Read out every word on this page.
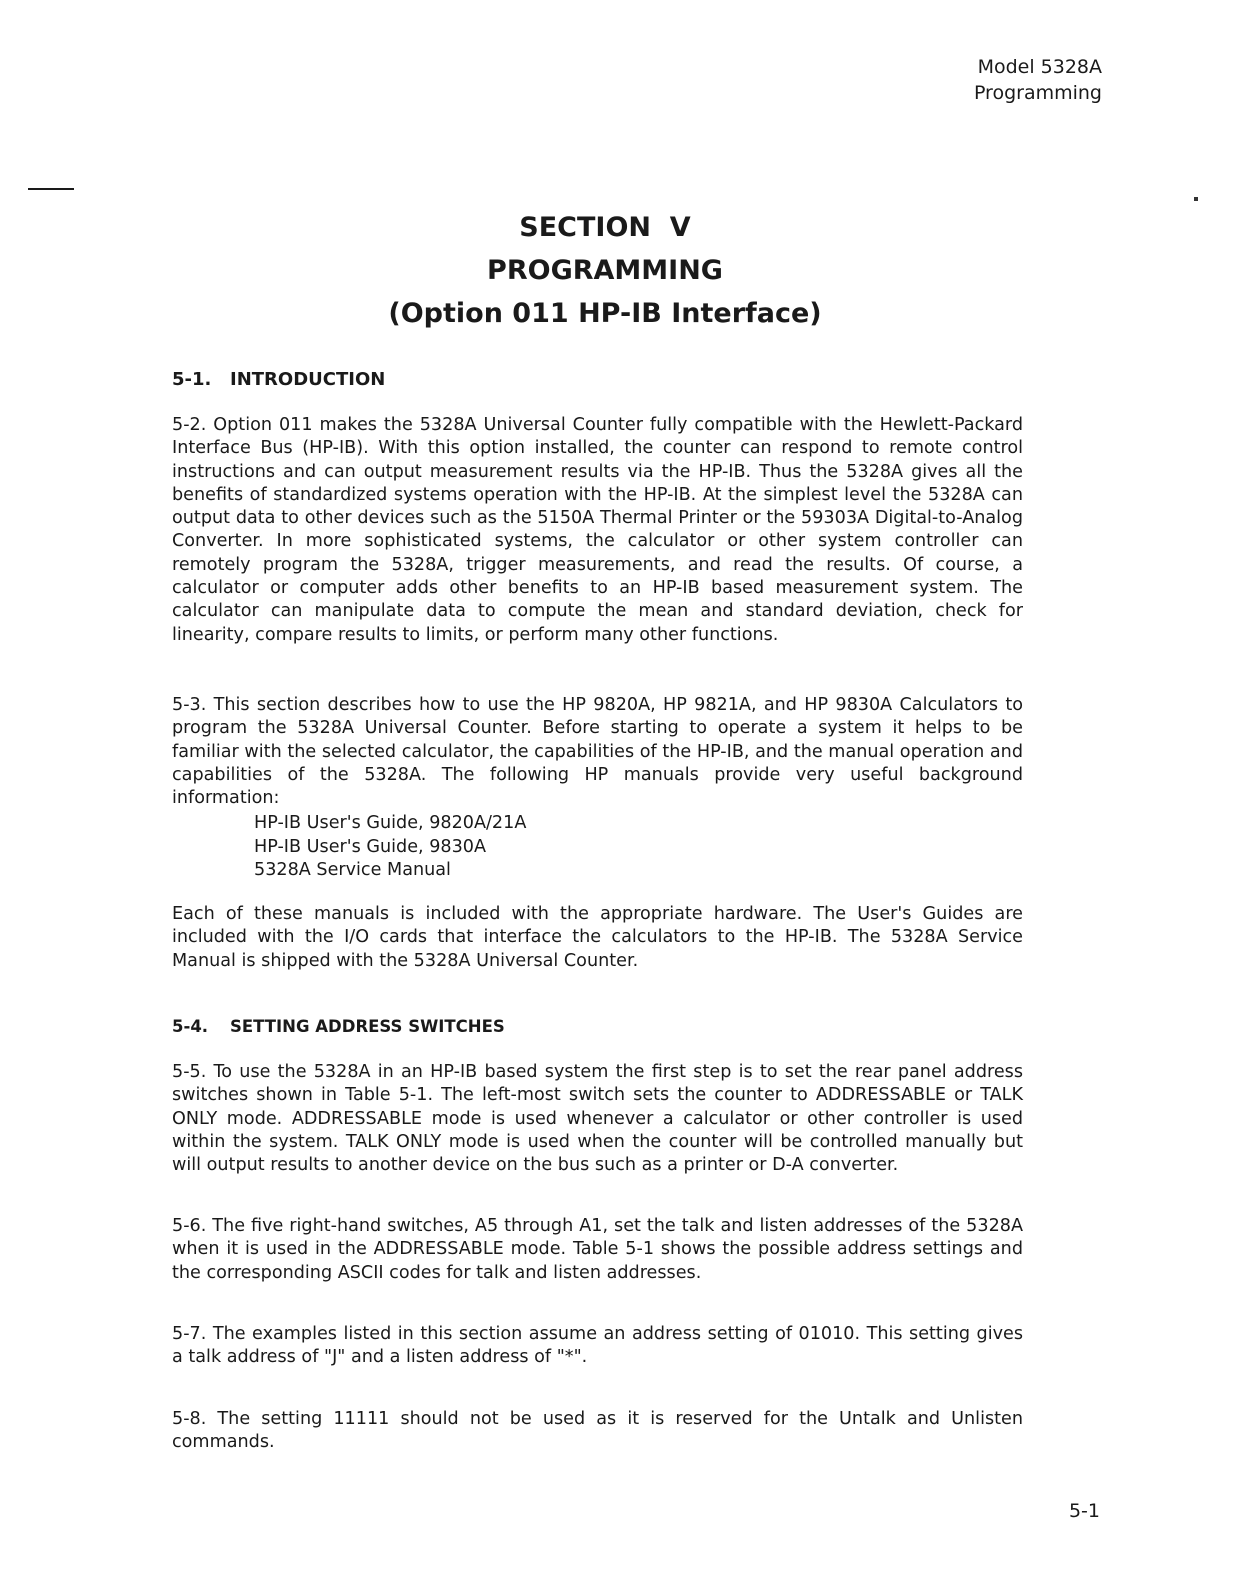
Model 5328A
Programming
SECTION  V
PROGRAMMING
(Option 011 HP-IB Interface)
5-1. INTRODUCTION

5-2. Option 011 makes the 5328A Universal Counter fully compatible with the Hewlett-Packard Interface Bus (HP-IB). With this option installed, the counter can respond to remote control instructions and can output measurement results via the HP-IB. Thus the 5328A gives all the benefits of standardized systems operation with the HP-IB. At the simplest level the 5328A can output data to other devices such as the 5150A Thermal Printer or the 59303A Digital-to-Analog Converter. In more sophisticated systems, the calculator or other system controller can remotely program the 5328A, trigger measurements, and read the results. Of course, a calculator or computer adds other benefits to an HP-IB based measurement system. The calculator can manipulate data to compute the mean and standard deviation, check for linearity, compare results to limits, or perform many other functions.

5-3. This section describes how to use the HP 9820A, HP 9821A, and HP 9830A Calculators to program the 5328A Universal Counter. Before starting to operate a system it helps to be familiar with the selected calculator, the capabilities of the HP-IB, and the manual operation and capabilities of the 5328A. The following HP manuals provide very useful background information:

HP-IB User's Guide, 9820A/21A
HP-IB User's Guide, 9830A
5328A Service Manual

Each of these manuals is included with the appropriate hardware. The User's Guides are included with the I/O cards that interface the calculators to the HP-IB. The 5328A Service Manual is shipped with the 5328A Universal Counter.

5-4. SETTING ADDRESS SWITCHES

5-5. To use the 5328A in an HP-IB based system the first step is to set the rear panel address switches shown in Table 5-1. The left-most switch sets the counter to ADDRESSABLE or TALK ONLY mode. ADDRESSABLE mode is used whenever a calculator or other controller is used within the system. TALK ONLY mode is used when the counter will be controlled manually but will output results to another device on the bus such as a printer or D-A converter.

5-6. The five right-hand switches, A5 through A1, set the talk and listen addresses of the 5328A when it is used in the ADDRESSABLE mode. Table 5-1 shows the possible address settings and the corresponding ASCII codes for talk and listen addresses.

5-7. The examples listed in this section assume an address setting of 01010. This setting gives a talk address of "J" and a listen address of "*".

5-8. The setting 11111 should not be used as it is reserved for the Untalk and Unlisten commands.

5-1
